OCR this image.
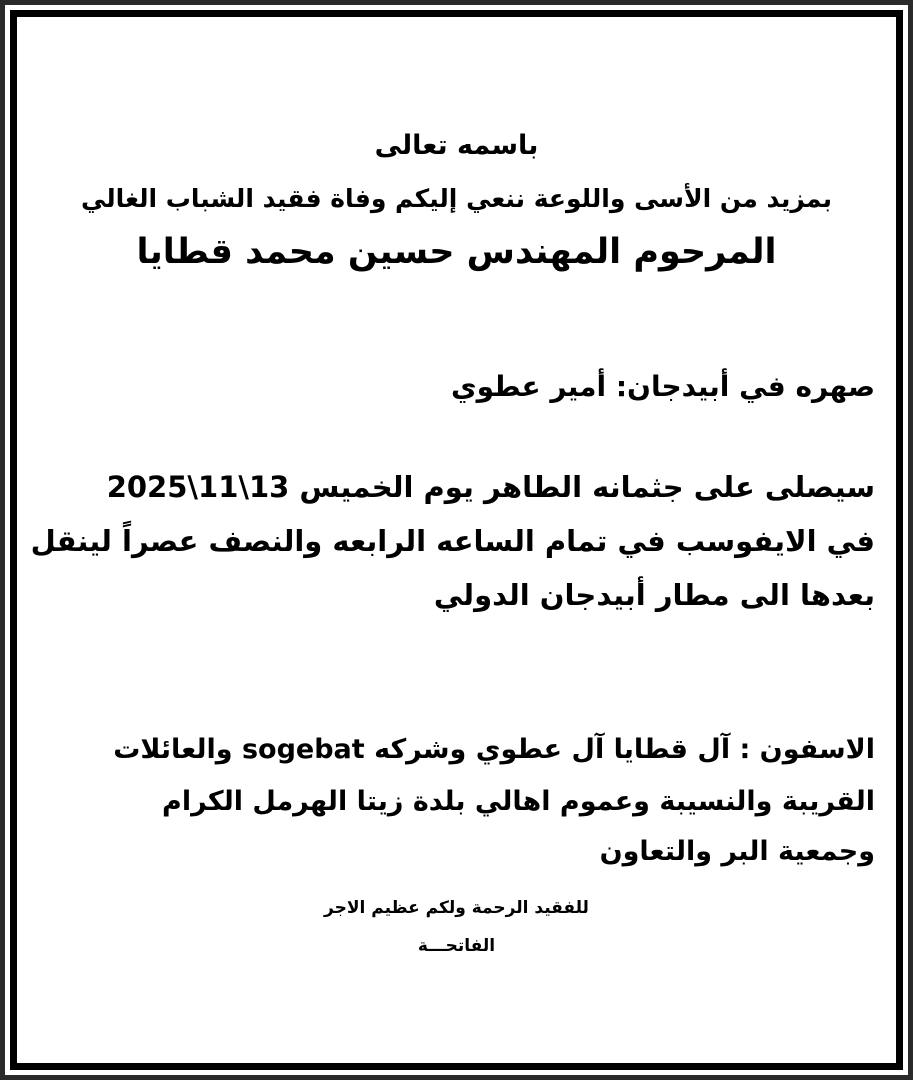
باسمه تعالى
بمزيد من الأسى واللوعة ننعي إليكم وفاة فقيد الشباب الغالي
المرحوم المهندس حسين محمد قطايا
صهره في أبيدجان: أمير عطوي
سيصلى على جثمانه الطاهر يوم الخميس 13\11\2025
في الايفوسب في تمام الساعه الرابعه والنصف عصراً لينقل
بعدها الى مطار أبيدجان الدولي
الاسفون : آل قطايا آل عطوي وشركه sogebat والعائلات
القريبة والنسيبة وعموم اهالي بلدة زيتا الهرمل الكرام
وجمعية البر والتعاون
للفقيد الرحمة ولكم عظيم الاجر
الفاتحـــة
